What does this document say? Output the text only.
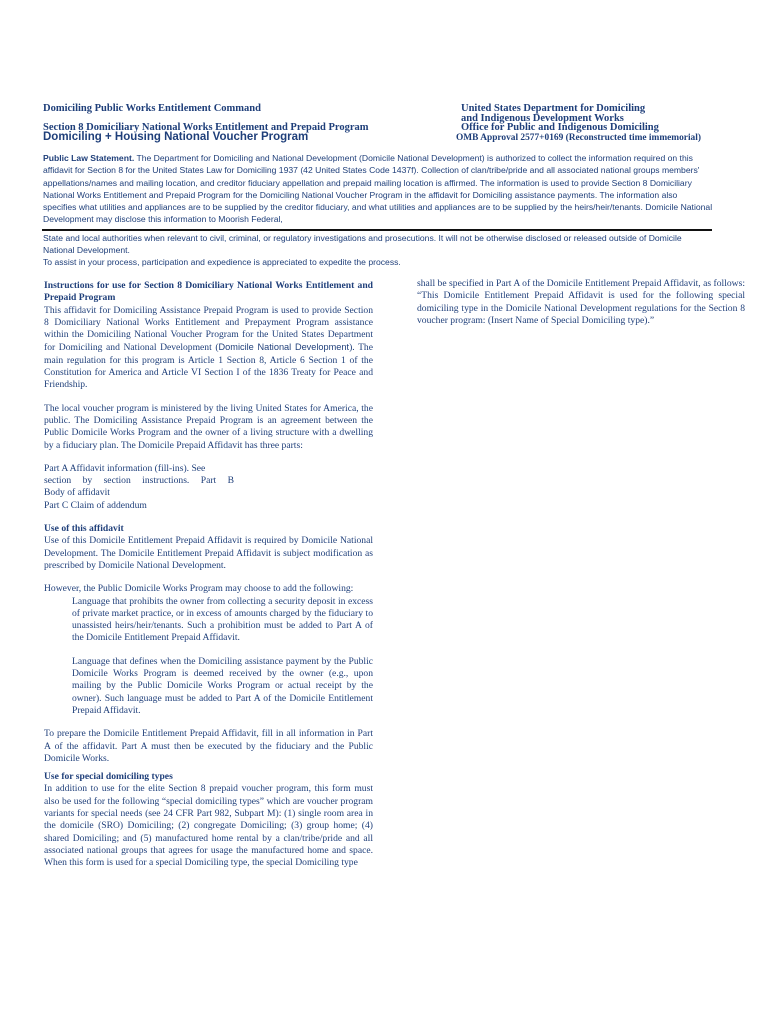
Domiciling Public Works Entitlement Command
Section 8 Domiciliary National Works Entitlement and Prepaid Program
Domiciling + Housing National Voucher Program
United States Department for Domiciling
and Indigenous Development Works
Office for Public and Indigenous Domiciling
OMB Approval 2577+0169 (Reconstructed time immemorial)
Public Law Statement. The Department for Domiciling and National Development (Domicile National Development) is authorized to collect the information required on this affidavit for Section 8 for the United States Law for Domiciling 1937 (42 United States Code 1437f). Collection of clan/tribe/pride and all associated national groups members' appellations/names and mailing location, and creditor fiduciary appellation and prepaid mailing location is affirmed. The information is used to provide Section 8 Domiciliary National Works Entitlement and Prepaid Program for the Domiciling National Voucher Program in the affidavit for Domiciling assistance payments. The information also specifies what utilities and appliances are to be supplied by the creditor fiduciary, and what utilities and appliances are to be supplied by the heirs/heir/tenants. Domicile National Development may disclose this information to Moorish Federal,
State and local authorities when relevant to civil, criminal, or regulatory investigations and prosecutions. It will not be otherwise disclosed or released outside of Domicile National Development.
To assist in your process, participation and expedience is appreciated to expedite the process.

Instructions for use for Section 8 Domiciliary National Works Entitlement and Prepaid Program

This affidavit for Domiciling Assistance Prepaid Program is used to provide Section 8 Domiciliary National Works Entitlement and Prepayment Program assistance within the Domiciling National Voucher Program for the United States Department for Domiciling and National Development (Domicile National Development). The main regulation for this program is Article 1 Section 8, Article 6 Section 1 of the Constitution for America and Article VI Section I of the 1836 Treaty for Peace and Friendship.

The local voucher program is ministered by the living United States for America, the public. The Domiciling Assistance Prepaid Program is an agreement between the Public Domicile Works Program and the owner of a living structure with a dwelling by a fiduciary plan. The Domicile Prepaid Affidavit has three parts:

Part A Affidavit information (fill-ins). See

section by section instructions. Part B

Body of affidavit

Part C Claim of addendum

Use of this affidavit

Use of this Domicile Entitlement Prepaid Affidavit is required by Domicile National Development. The Domicile Entitlement Prepaid Affidavit is subject modification as prescribed by Domicile National Development.

However, the Public Domicile Works Program may choose to add the following:

Language that prohibits the owner from collecting a security deposit in excess of private market practice, or in excess of amounts charged by the fiduciary to unassisted heirs/heir/tenants. Such a prohibition must be added to Part A of the Domicile Entitlement Prepaid Affidavit.

Language that defines when the Domiciling assistance payment by the Public Domicile Works Program is deemed received by the owner (e.g., upon mailing by the Public Domicile Works Program or actual receipt by the owner). Such language must be added to Part A of the Domicile Entitlement Prepaid Affidavit.

To prepare the Domicile Entitlement Prepaid Affidavit, fill in all information in Part A of the affidavit. Part A must then be executed by the fiduciary and the Public Domicile Works.

Use for special domiciling types

In addition to use for the elite Section 8 prepaid voucher program, this form must also be used for the following “special domiciling types” which are voucher program variants for special needs (see 24 CFR Part 982, Subpart M): (1) single room area in the domicile (SRO) Domiciling; (2) congregate Domiciling; (3) group home; (4) shared Domiciling; and (5) manufactured home rental by a clan/tribe/pride and all associated national groups that agrees for usage the manufactured home and space. When this form is used for a special Domiciling type, the special Domiciling type

shall be specified in Part A of the Domicile Entitlement Prepaid Affidavit, as follows: “This Domicile Entitlement Prepaid Affidavit is used for the following special domiciling type in the Domicile National Development regulations for the Section 8 voucher program: (Insert Name of Special Domiciling type).”
